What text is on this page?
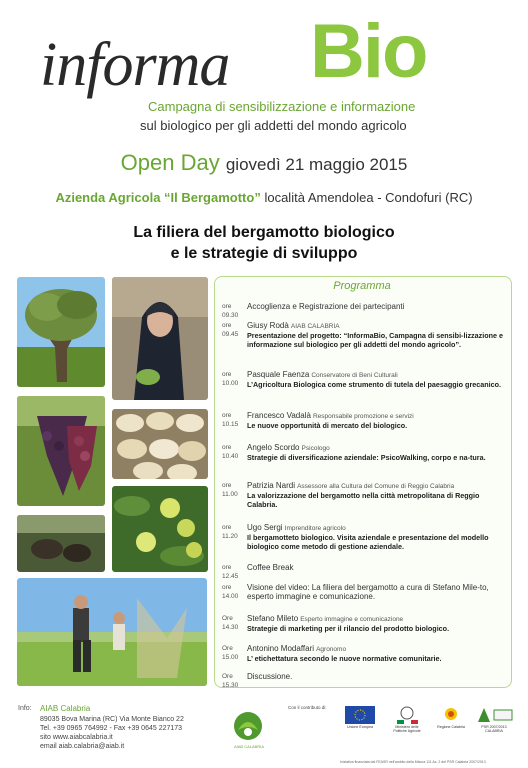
informa Bio
Campagna di sensibilizzazione e informazione
sul biologico per gli addetti del mondo agricolo
Open Day giovedì 21 maggio 2015
Azienda Agricola “Il Bergamotto” località Amendolea - Condofuri (RC)
La filiera del bergamotto biologico
e le strategie di sviluppo
Programma
ore 09.30
Accoglienza e Registrazione dei partecipanti
ore 09.45
Giusy Rodà AIAB CALABRIA
Presentazione del progetto: “InformaBio, Campagna di sensibi-lizzazione e informazione sul biologico per gli addetti del mondo agricolo”.
ore 10.00
Pasquale Faenza Conservatore di Beni Culturali
L’Agricoltura Biologica come strumento di tutela del paesaggio grecanico.
ore 10.15
Francesco Vadalà Responsabile promozione e servizi
Le nuove opportunità di mercato del biologico.
ore 10.40
Angelo Scordo Psicologo
Strategie di diversificazione aziendale: PsicoWalking, corpo e na-tura.
ore 11.00
Patrizia Nardi Assessore alla Cultura del Comune di Reggio Calabria
La valorizzazione del bergamotto nella città metropolitana di Reggio Calabria.
ore 11.20
Ugo Sergi Imprenditore agricolo
Il bergamotteto biologico. Visita aziendale e presentazione del modello biologico come metodo di gestione aziendale.
ore 12.45
Coffee Break
ore 14.00
Visione del video: La filiera del bergamotto a cura di Stefano Mile-to, esperto immagine e comunicazione.
Ore 14.30
Stefano Mileto Esperto immagine e comunicazione
Strategie di marketing per il rilancio del prodotto biologico.
Ore 15.00
Antonino Modaffari Agronomo
L’ etichettatura secondo le nuove normative comunitarie.
Ore 15.30
Discussione.
Info: AIAB Calabria
89035 Bova Marina (RC) Via Monte Bianco 22
Tel. +39 0965 764992 - Fax +39 0645 227173
sito www.aiabcalabria.it
email aiab.calabria@aiab.it	AIAB CALABRIA
Con il contributo di:
Unione Europea	Ministero delle Politiche Agricole
Regione Calabria	PSR 2007/2013 CALABRIA
Iniziativa finanziata dal FEASR nell'ambito della Misura 111 Az. 2 del PSR Calabria 2007/2013
